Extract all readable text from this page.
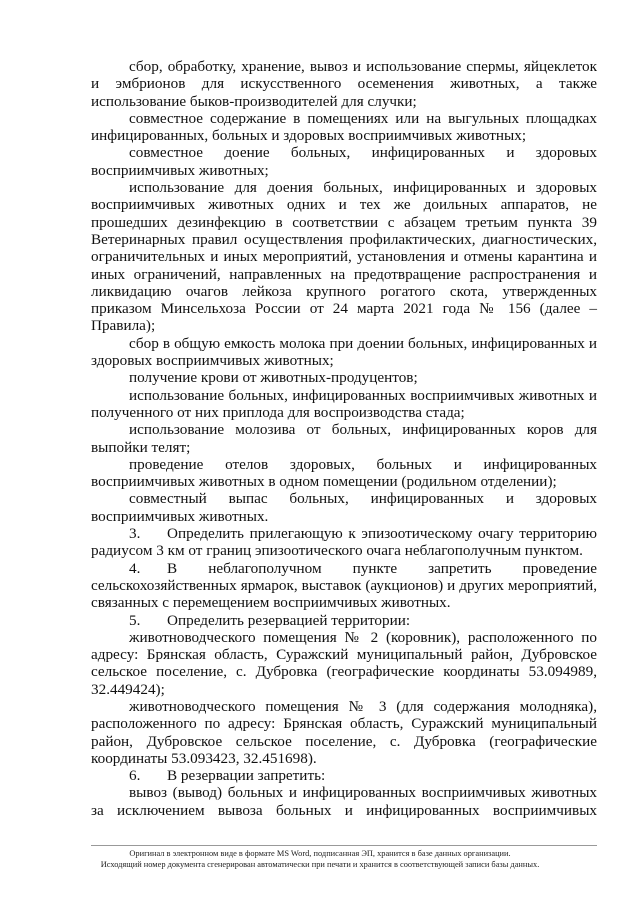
сбор, обработку, хранение, вывоз и использование спермы, яйцеклеток и эмбрионов для искусственного осеменения животных, а также использование быков-производителей для случки;

совместное содержание в помещениях или на выгульных площадках инфицированных, больных и здоровых восприимчивых животных;

совместное доение больных, инфицированных и здоровых восприимчивых животных;

использование для доения больных, инфицированных и здоровых восприимчивых животных одних и тех же доильных аппаратов, не прошедших дезинфекцию в соответствии с абзацем третьим пункта 39 Ветеринарных правил осуществления профилактических, диагностических, ограничительных и иных мероприятий, установления и отмены карантина и иных ограничений, направленных на предотвращение распространения и ликвидацию очагов лейкоза крупного рогатого скота, утвержденных приказом Минсельхоза России от 24 марта 2021 года № 156 (далее – Правила);

сбор в общую емкость молока при доении больных, инфицированных и здоровых восприимчивых животных;

получение крови от животных-продуцентов;

использование больных, инфицированных восприимчивых животных и полученного от них приплода для воспроизводства стада;

использование молозива от больных, инфицированных коров для выпойки телят;

проведение отелов здоровых, больных и инфицированных восприимчивых животных в одном помещении (родильном отделении);

совместный выпас больных, инфицированных и здоровых восприимчивых животных.

3. Определить прилегающую к эпизоотическому очагу территорию радиусом 3 км от границ эпизоотического очага неблагополучным пунктом.

4. В неблагополучном пункте запретить проведение сельскохозяйственных ярмарок, выставок (аукционов) и других мероприятий, связанных с перемещением восприимчивых животных.

5. Определить резервацией территории:

животноводческого помещения № 2 (коровник), расположенного по адресу: Брянская область, Суражский муниципальный район, Дубровское сельское поселение, с. Дубровка (географические координаты 53.094989, 32.449424);

животноводческого помещения № 3 (для содержания молодняка), расположенного по адресу: Брянская область, Суражский муниципальный район, Дубровское сельское поселение, с. Дубровка (географические координаты 53.093423, 32.451698).

6. В резервации запретить:

вывоз (вывод) больных и инфицированных восприимчивых животных за исключением вывоза больных и инфицированных восприимчивых

Оригинал в электронном виде в формате MS Word, подписанная ЭП, хранится в базе данных организации.
Исходящий номер документа сгенерирован автоматически при печати и хранится в соответствующей записи базы данных.
